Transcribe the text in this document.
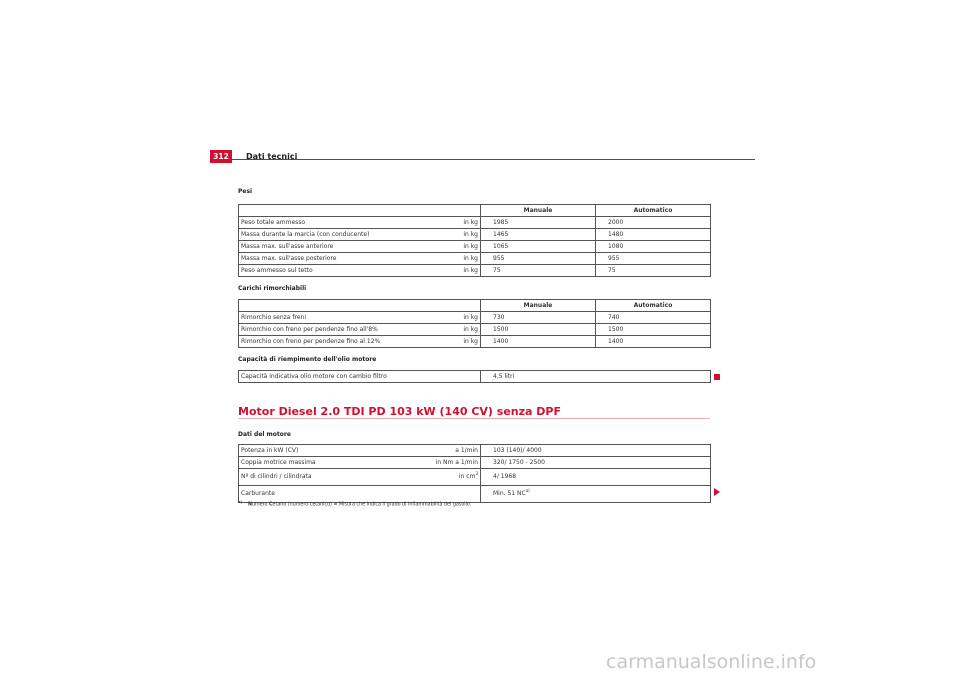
312	Dati tecnici
Pesi
		Manuale	Automatico
Peso totale ammesso	in kg	1985	2000
Massa durante la marcia (con conducente)	in kg	1465	1480
Massa max. sull'asse anteriore	in kg	1065	1080
Massa max. sull'asse posteriore	in kg	955	955
Peso ammesso sul tetto	in kg	75	75
Carichi rimorchiabili
		Manuale	Automatico
Rimorchio senza freni	in kg	730	740
Rimorchio con freno per pendenze fino all'8%	in kg	1500	1500
Rimorchio con freno per pendenze fino al 12%	in kg	1400	1400
Capacità di riempimento dell'olio motore
Capacità indicativa olio motore con cambio filtro	4,5 litri
Motor Diesel 2.0 TDI PD 103 kW (140 CV) senza DPF
Dati del motore
Potenza in kW (CV)	a 1/min	103 (140)/ 4000
Coppia motrice massima	in Nm a 1/min	320/ 1750 - 2500
Nº di cilindri / cilindrata	in $cm^3$	4/ 1968
Carburante		Min. 51 NC$^{a)}$
$^{a)}$Numero Cetano (numero cetanico) = Misura che indica il grado di infiammabilità del gasolio.
carmanualsonline.info
